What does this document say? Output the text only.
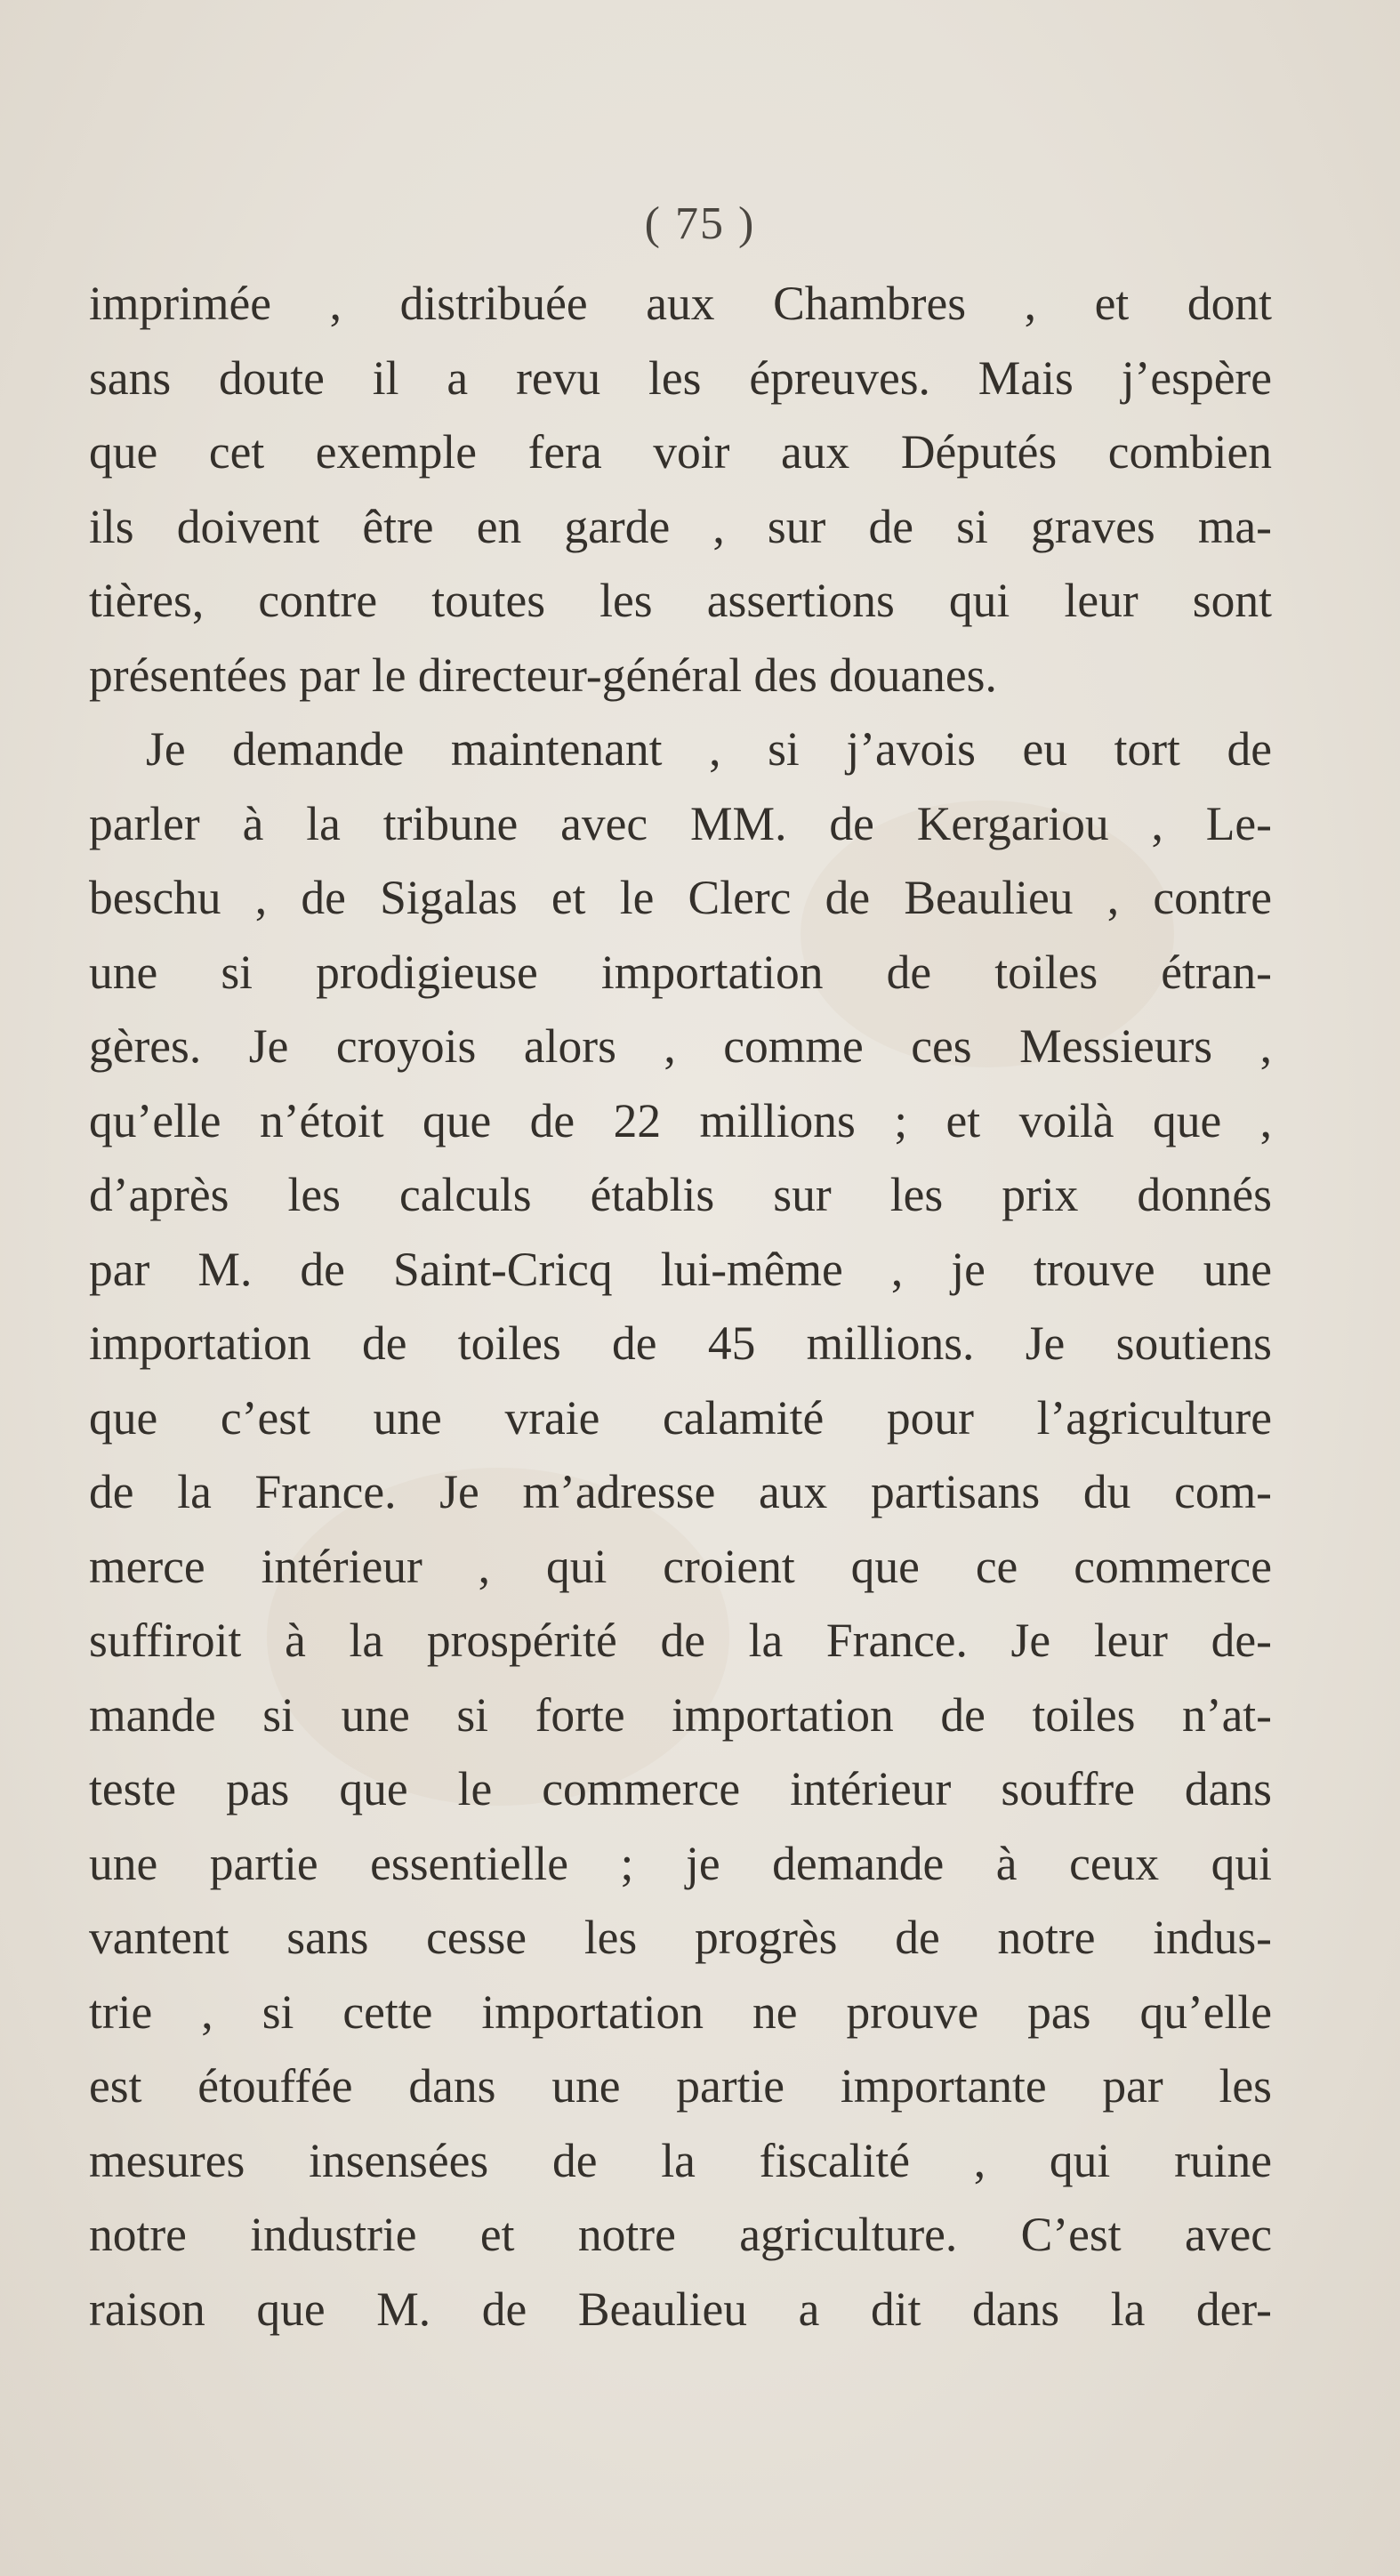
( 75 )
imprimée , distribuée aux Chambres , et dont
sans doute il a revu les épreuves. Mais j’espère
que cet exemple fera voir aux Députés combien
ils doivent être en garde , sur de si graves ma-
tières, contre toutes les assertions qui leur sont
présentées par le directeur-général des douanes.
Je demande maintenant , si j’avois eu tort de
parler à la tribune avec MM. de Kergariou , Le-
beschu , de Sigalas et le Clerc de Beaulieu , contre
une si prodigieuse importation de toiles étran-
gères. Je croyois alors , comme ces Messieurs ,
qu’elle n’étoit que de 22 millions ; et voilà que ,
d’après les calculs établis sur les prix donnés
par M. de Saint-Cricq lui-même , je trouve une
importation de toiles de 45 millions. Je soutiens
que c’est une vraie calamité pour l’agriculture
de la France. Je m’adresse aux partisans du com-
merce intérieur , qui croient que ce commerce
suffiroit à la prospérité de la France. Je leur de-
mande si une si forte importation de toiles n’at-
teste pas que le commerce intérieur souffre dans
une partie essentielle ; je demande à ceux qui
vantent sans cesse les progrès de notre indus-
trie , si cette importation ne prouve pas qu’elle
est étouffée dans une partie importante par les
mesures insensées de la fiscalité , qui ruine
notre industrie et notre agriculture. C’est avec
raison que M. de Beaulieu a dit dans la der-
